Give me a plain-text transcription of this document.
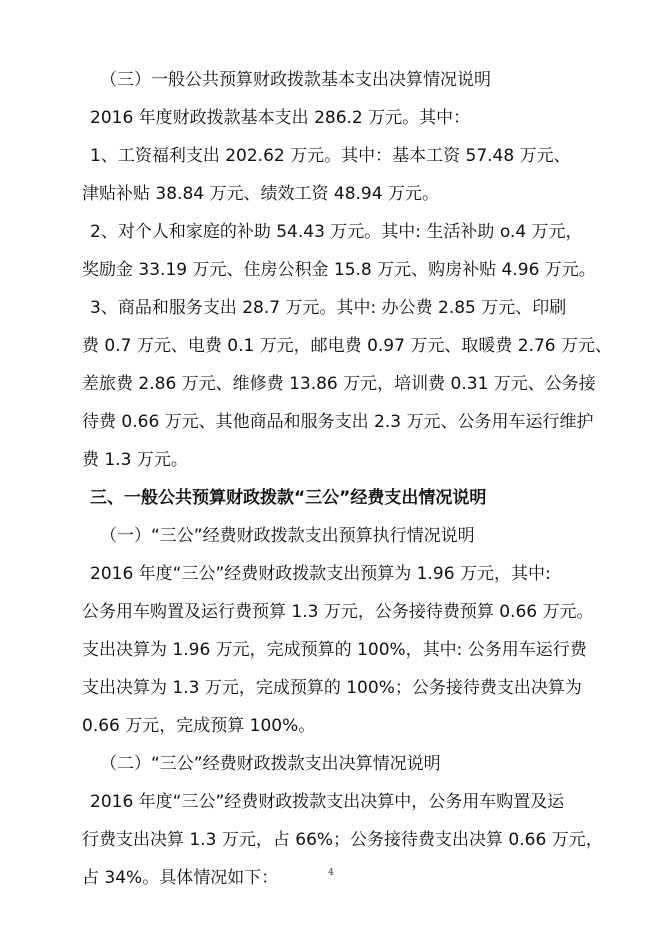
（三）一般公共预算财政拨款基本支出决算情况说明
2016 年度财政拨款基本支出 286.2 万元。其中：
1、工资福利支出 202.62 万元。其中：基本工资 57.48 万元、
津贴补贴 38.84 万元、绩效工资 48.94 万元。
2、对个人和家庭的补助 54.43 万元。其中: 生活补助 o.4 万元，
奖励金 33.19 万元、住房公积金 15.8 万元、购房补贴 4.96 万元。
3、商品和服务支出 28.7 万元。其中: 办公费 2.85 万元、印刷
费 0.7 万元、电费 0.1 万元，邮电费 0.97 万元、取暖费 2.76 万元、
差旅费 2.86 万元、维修费 13.86 万元，培训费 0.31 万元、公务接
待费 0.66 万元、其他商品和服务支出 2.3 万元、公务用车运行维护
费 1.3 万元。
三、一般公共预算财政拨款“三公”经费支出情况说明
（一）“三公”经费财政拨款支出预算执行情况说明
2016 年度“三公”经费财政拨款支出预算为 1.96 万元，其中:
公务用车购置及运行费预算 1.3 万元，公务接待费预算 0.66 万元。
支出决算为 1.96 万元，完成预算的 100%，其中: 公务用车运行费
支出决算为 1.3 万元，完成预算的 100%；公务接待费支出决算为
0.66 万元，完成预算 100%。
（二）“三公”经费财政拨款支出决算情况说明
2016 年度“三公”经费财政拨款支出决算中，公务用车购置及运
行费支出决算 1.3 万元，占 66%；公务接待费支出决算 0.66 万元，
占 34%。具体情况如下：	4
